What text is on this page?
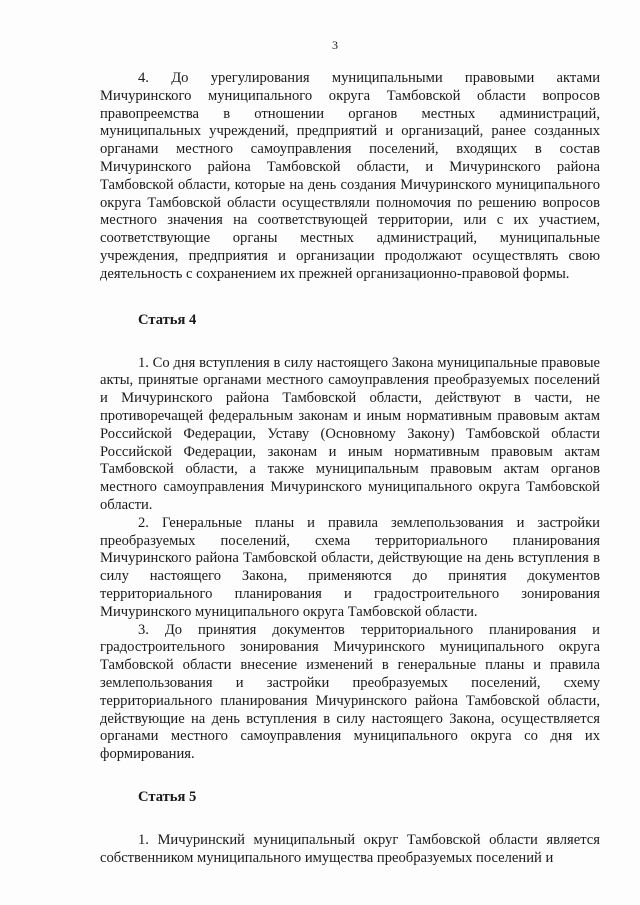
3

4. До урегулирования муниципальными правовыми актами Мичуринского муниципального округа Тамбовской области вопросов правопреемства в отношении органов местных администраций, муниципальных учреждений, предприятий и организаций, ранее созданных органами местного самоуправления поселений, входящих в состав Мичуринского района Тамбовской области, и Мичуринского района Тамбовской области, которые на день создания Мичуринского муниципального округа Тамбовской области осуществляли полномочия по решению вопросов местного значения на соответствующей территории, или с их участием, соответствующие органы местных администраций, муниципальные учреждения, предприятия и организации продолжают осуществлять свою деятельность с сохранением их прежней организационно-правовой формы.

Статья 4

1. Со дня вступления в силу настоящего Закона муниципальные правовые акты, принятые органами местного самоуправления преобразуемых поселений и Мичуринского района Тамбовской области, действуют в части, не противоречащей федеральным законам и иным нормативным правовым актам Российской Федерации, Уставу (Основному Закону) Тамбовской области Российской Федерации, законам и иным нормативным правовым актам Тамбовской области, а также муниципальным правовым актам органов местного самоуправления Мичуринского муниципального округа Тамбовской области.

2. Генеральные планы и правила землепользования и застройки преобразуемых поселений, схема территориального планирования Мичуринского района Тамбовской области, действующие на день вступления в силу настоящего Закона, применяются до принятия документов территориального планирования и градостроительного зонирования Мичуринского муниципального округа Тамбовской области.

3. До принятия документов территориального планирования и градостроительного зонирования Мичуринского муниципального округа Тамбовской области внесение изменений в генеральные планы и правила землепользования и застройки преобразуемых поселений, схему территориального планирования Мичуринского района Тамбовской области, действующие на день вступления в силу настоящего Закона, осуществляется органами местного самоуправления муниципального округа со дня их формирования.

Статья 5

1. Мичуринский муниципальный округ Тамбовской области является собственником муниципального имущества преобразуемых поселений и
